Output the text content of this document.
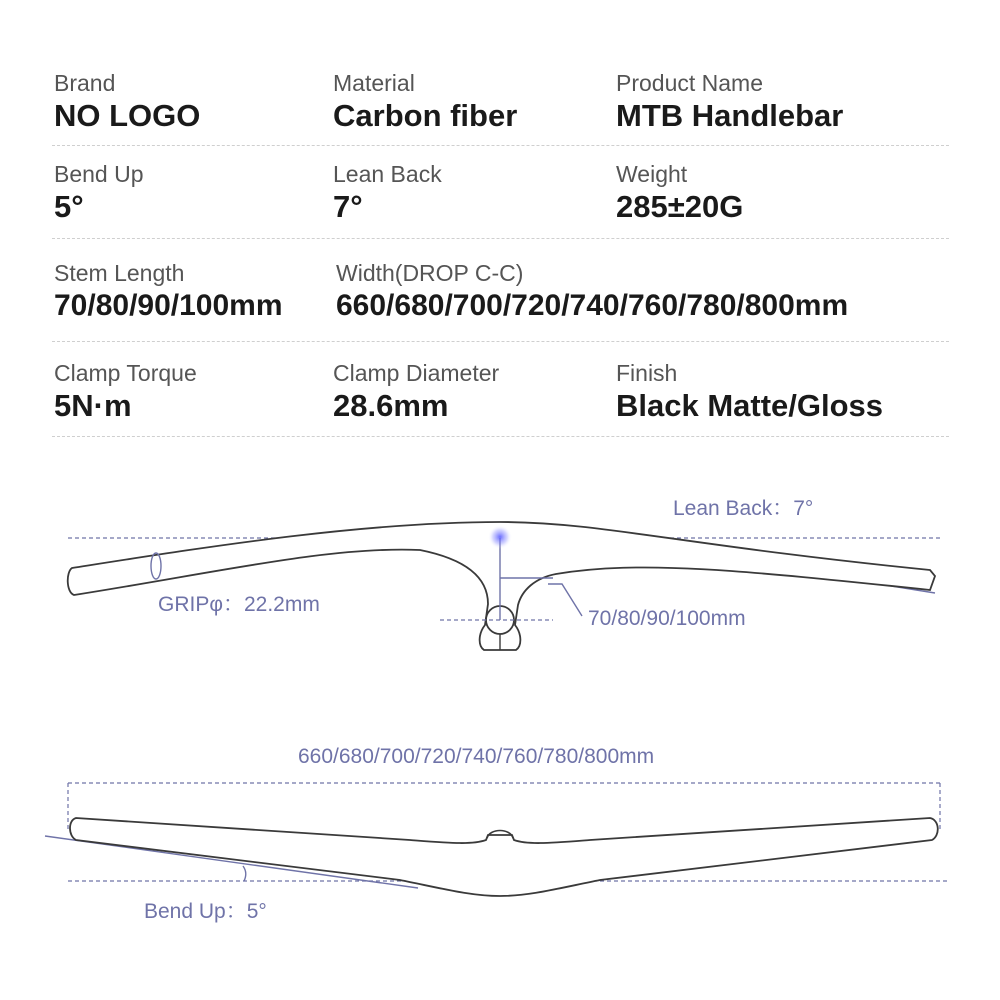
Brand
NO LOGO
Material
Carbon fiber
Product Name
MTB Handlebar
Bend Up
5°
Lean Back
7°
Weight
285±20G
Stem Length
70/80/90/100mm
Width(DROP C-C)
660/680/700/720/740/760/780/800mm
Clamp Torque
5N·m
Clamp Diameter
28.6mm
Finish
Black Matte/Gloss
Lean Back：7°
GRIPφ：22.2mm
70/80/90/100mm
660/680/700/720/740/760/780/800mm
Bend Up：5°
